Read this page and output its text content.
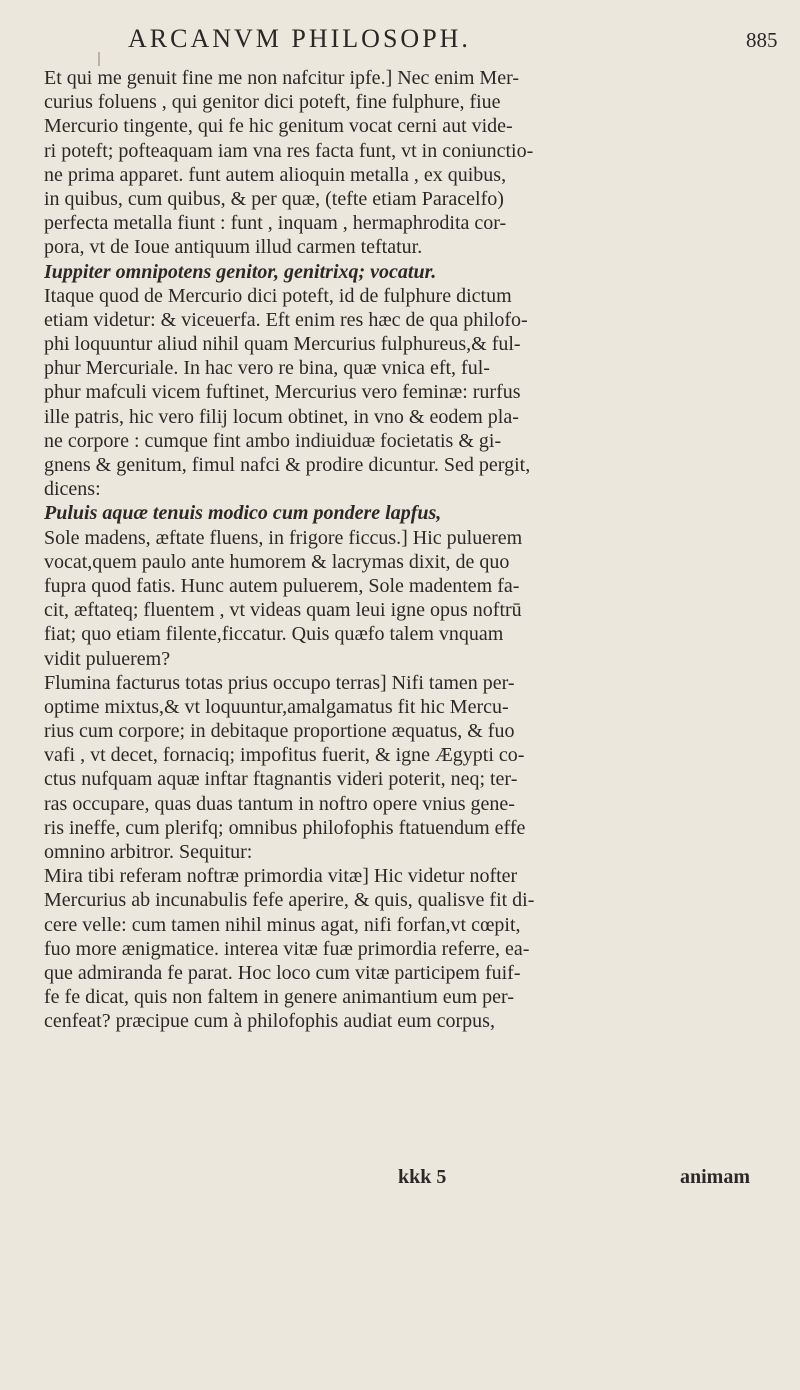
ARCANVM PHILOSOPH.	885
Et qui me genuit fine me non nafcitur ipfe.] Nec enim Mer-
curius foluens , qui genitor dici poteft, fine fulphure, fiue
Mercurio tingente, qui fe hic genitum vocat cerni aut vide-
ri poteft; pofteaquam iam vna res facta funt, vt in coniunctio-
ne prima apparet. funt autem alioquin metalla , ex quibus,
in quibus, cum quibus, & per quæ, (tefte etiam Paracelfo)
perfecta metalla fiunt : funt , inquam , hermaphrodita cor-
pora, vt de Ioue antiquum illud carmen teftatur.
Iuppiter omnipotens genitor, genitrixq; vocatur.
Itaque quod de Mercurio dici poteft, id de fulphure dictum
etiam videtur: & viceuerfa. Eft enim res hæc de qua philofo-
phi loquuntur aliud nihil quam Mercurius fulphureus,& ful-
phur Mercuriale. In hac vero re bina, quæ vnica eft, ful-
phur mafculi vicem fuftinet, Mercurius vero feminæ: rurfus
ille patris, hic vero filij locum obtinet, in vno & eodem pla-
ne corpore : cumque fint ambo indiuiduæ focietatis & gi-
gnens & genitum, fimul nafci & prodire dicuntur. Sed pergit,
dicens:
Puluis aquæ tenuis modico cum pondere lapfus,
Sole madens, æftate fluens, in frigore ficcus.] Hic puluerem
vocat,quem paulo ante humorem & lacrymas dixit, de quo
fupra quod fatis. Hunc autem puluerem, Sole madentem fa-
cit, æftateq; fluentem , vt videas quam leui igne opus noftrū
fiat; quo etiam filente,ficcatur. Quis quæfo talem vnquam
vidit puluerem?
Flumina facturus totas prius occupo terras] Nifi tamen per-
optime mixtus,& vt loquuntur,amalgamatus fit hic Mercu-
rius cum corpore; in debitaque proportione æquatus, & fuo
vafi , vt decet, fornaciq; impofitus fuerit, & igne Ægypti co-
ctus nufquam aquæ inftar ftagnantis videri poterit, neq; ter-
ras occupare, quas duas tantum in noftro opere vnius gene-
ris ineffe, cum plerifq; omnibus philofophis ftatuendum effe
omnino arbitror. Sequitur:
Mira tibi referam noftræ primordia vitæ] Hic videtur nofter
Mercurius ab incunabulis fefe aperire, & quis, qualisve fit di-
cere velle: cum tamen nihil minus agat, nifi forfan,vt cœpit,
fuo more ænigmatice. interea vitæ fuæ primordia referre, ea-
que admiranda fe parat. Hoc loco cum vitæ participem fuif-
fe fe dicat, quis non faltem in genere animantium eum per-
cenfeat? præcipue cum à philofophis audiat eum corpus,
kkk 5	animam
